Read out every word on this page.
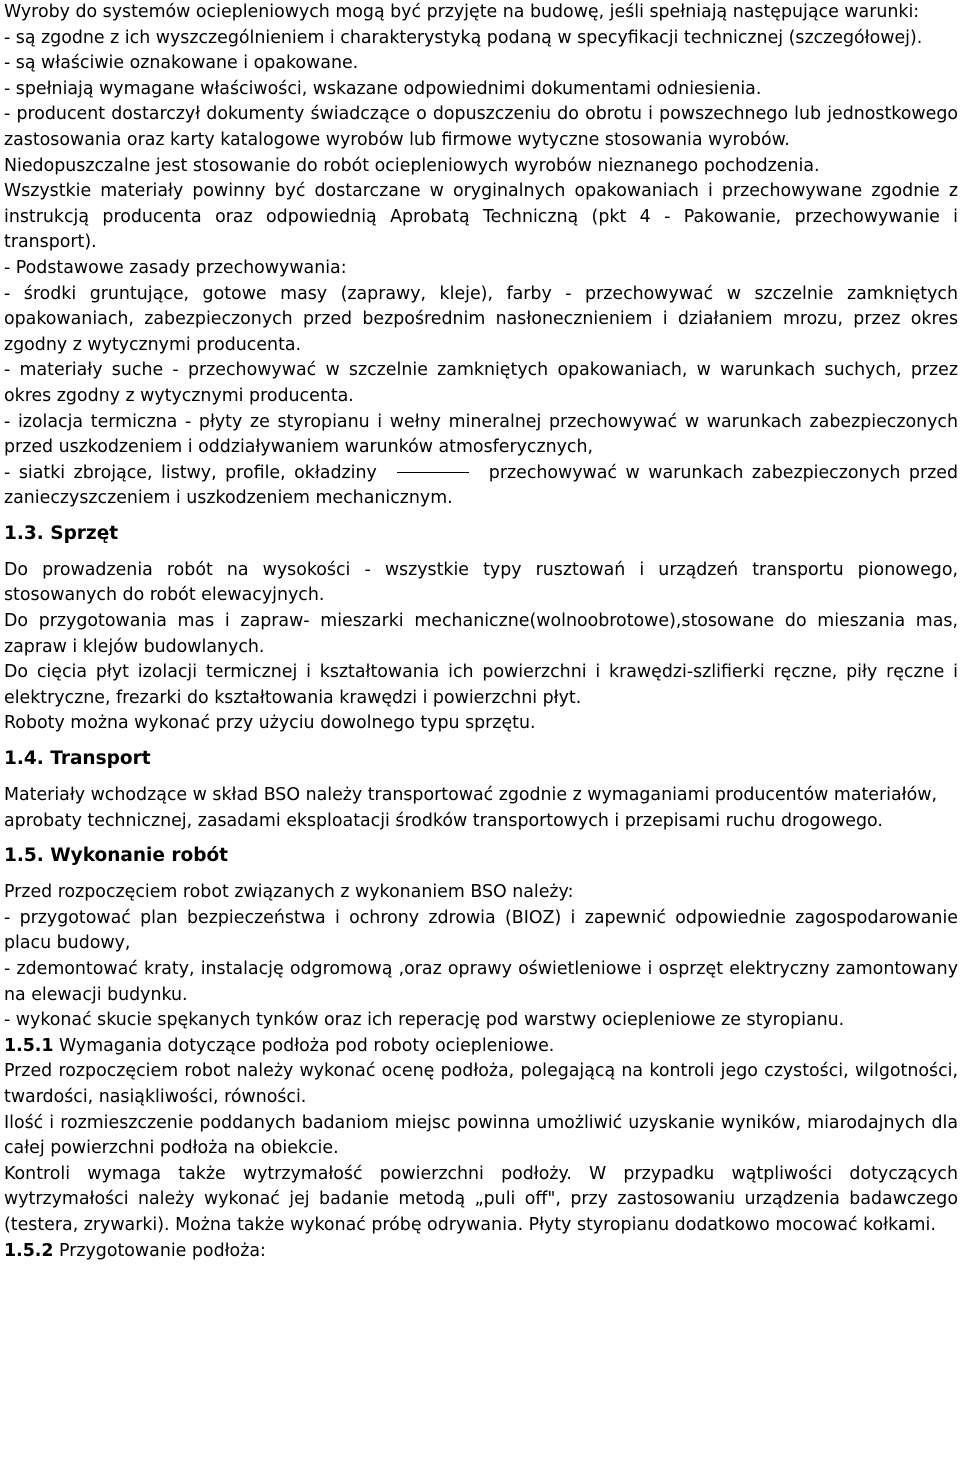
Wyroby do systemów ociepleniowych mogą być przyjęte na budowę, jeśli spełniają następujące warunki:

- są zgodne z ich wyszczególnieniem i charakterystyką podaną w specyfikacji technicznej (szczegółowej).

- są właściwie oznakowane i opakowane.

- spełniają wymagane właściwości, wskazane odpowiednimi dokumentami odniesienia.

- producent dostarczył dokumenty świadczące o dopuszczeniu do obrotu i powszechnego lub jednostkowego zastosowania oraz karty katalogowe wyrobów lub firmowe wytyczne stosowania wyrobów.

Niedopuszczalne jest stosowanie do robót ociepleniowych wyrobów nieznanego pochodzenia.

Wszystkie materiały powinny być dostarczane w oryginalnych opakowaniach i przechowywane zgodnie z instrukcją producenta oraz odpowiednią Aprobatą Techniczną (pkt 4 - Pakowanie, przechowywanie i transport).

- Podstawowe zasady przechowywania:

- środki gruntujące, gotowe masy (zaprawy, kleje), farby - przechowywać w szczelnie zamkniętych opakowaniach, zabezpieczonych przed bezpośrednim nasłonecznieniem i działaniem mrozu, przez okres zgodny z wytycznymi producenta.

- materiały suche - przechowywać w szczelnie zamkniętych opakowaniach, w warunkach suchych, przez okres zgodny z wytycznymi producenta.

- izolacja termiczna - płyty ze styropianu i wełny mineralnej przechowywać w warunkach zabezpieczonych przed uszkodzeniem i oddziaływaniem warunków atmosferycznych,

- siatki zbrojące, listwy, profile, okładziny	przechowywać w warunkach zabezpieczonych przed zanieczyszczeniem i uszkodzeniem mechanicznym.

1.3. Sprzęt

Do prowadzenia robót na wysokości - wszystkie typy rusztowań i urządzeń transportu pionowego, stosowanych do robót elewacyjnych.

Do przygotowania mas i zapraw- mieszarki mechaniczne(wolnoobrotowe),stosowane do mieszania mas, zapraw i klejów budowlanych.

Do cięcia płyt izolacji termicznej i kształtowania ich powierzchni i krawędzi-szlifierki ręczne, piły ręczne i elektryczne, frezarki do kształtowania krawędzi i powierzchni płyt.

Roboty można wykonać przy użyciu dowolnego typu sprzętu.

1.4. Transport

Materiały wchodzące w skład BSO należy transportować zgodnie z wymaganiami producentów materiałów, aprobaty technicznej, zasadami eksploatacji środków transportowych i przepisami ruchu drogowego.

1.5. Wykonanie robót

Przed rozpoczęciem robot związanych z wykonaniem BSO należy:

- przygotować plan bezpieczeństwa i ochrony zdrowia (BIOZ) i zapewnić odpowiednie zagospodarowanie placu budowy,

- zdemontować kraty, instalację odgromową ,oraz oprawy oświetleniowe i osprzęt elektryczny zamontowany na elewacji budynku.

- wykonać skucie spękanych tynków oraz ich reperację pod warstwy ociepleniowe ze styropianu.

1.5.1 Wymagania dotyczące podłoża pod roboty ociepleniowe.

Przed rozpoczęciem robot należy wykonać ocenę podłoża, polegającą na kontroli jego czystości, wilgotności, twardości, nasiąkliwości, równości.

Ilość i rozmieszczenie poddanych badaniom miejsc powinna umożliwić uzyskanie wyników, miarodajnych dla całej powierzchni podłoża na obiekcie.

Kontroli wymaga także wytrzymałość powierzchni podłoży. W przypadku wątpliwości dotyczących wytrzymałości należy wykonać jej badanie metodą „puli off", przy zastosowaniu urządzenia badawczego (testera, zrywarki). Można także wykonać próbę odrywania. Płyty styropianu dodatkowo mocować kołkami.

1.5.2 Przygotowanie podłoża:
